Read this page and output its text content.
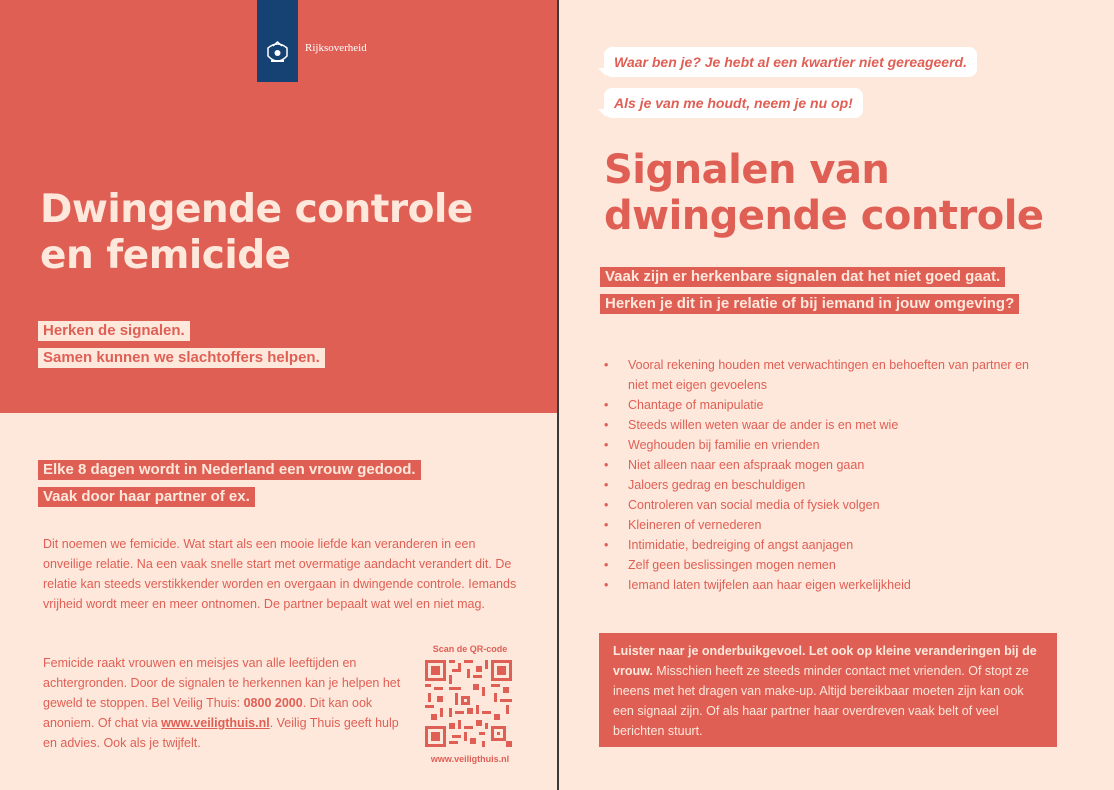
Rijksoverheid
Dwingende controle
en femicide
Herken de signalen.
Samen kunnen we slachtoffers helpen.
Elke 8 dagen wordt in Nederland een vrouw gedood.
Vaak door haar partner of ex.

Dit noemen we femicide. Wat start als een mooie liefde kan veranderen in een onveilige relatie. Na een vaak snelle start met overmatige aandacht verandert dit. De relatie kan steeds verstikkender worden en overgaan in dwingende controle. Iemands vrijheid wordt meer en meer ontnomen. De partner bepaalt wat wel en niet mag.

Femicide raakt vrouwen en meisjes van alle leeftijden en achtergronden. Door de signalen te herkennen kan je helpen het geweld te stoppen. Bel Veilig Thuis: 0800 2000. Dit kan ook anoniem. Of chat via www.veiligthuis.nl. Veilig Thuis geeft hulp en advies. Ook als je twijfelt.

Scan de QR-code
www.veiligthuis.nl
Waar ben je? Je hebt al een kwartier niet gereageerd.
Als je van me houdt, neem je nu op!
Signalen van
dwingende controle
Vaak zijn er herkenbare signalen dat het niet goed gaat.
Herken je dit in je relatie of bij iemand in jouw omgeving?
• Vooral rekening houden met verwachtingen en behoeften van partner en niet met eigen gevoelens
• Chantage of manipulatie
• Steeds willen weten waar de ander is en met wie
• Weghouden bij familie en vrienden
• Niet alleen naar een afspraak mogen gaan
• Jaloers gedrag en beschuldigen
• Controleren van social media of fysiek volgen
• Kleineren of vernederen
• Intimidatie, bedreiging of angst aanjagen
• Zelf geen beslissingen mogen nemen
• Iemand laten twijfelen aan haar eigen werkelijkheid

Luister naar je onderbuikgevoel. Let ook op kleine veranderingen bij de vrouw. Misschien heeft ze steeds minder contact met vrienden. Of stopt ze ineens met het dragen van make-up. Altijd bereikbaar moeten zijn kan ook een signaal zijn. Of als haar partner haar overdreven vaak belt of veel berichten stuurt.
